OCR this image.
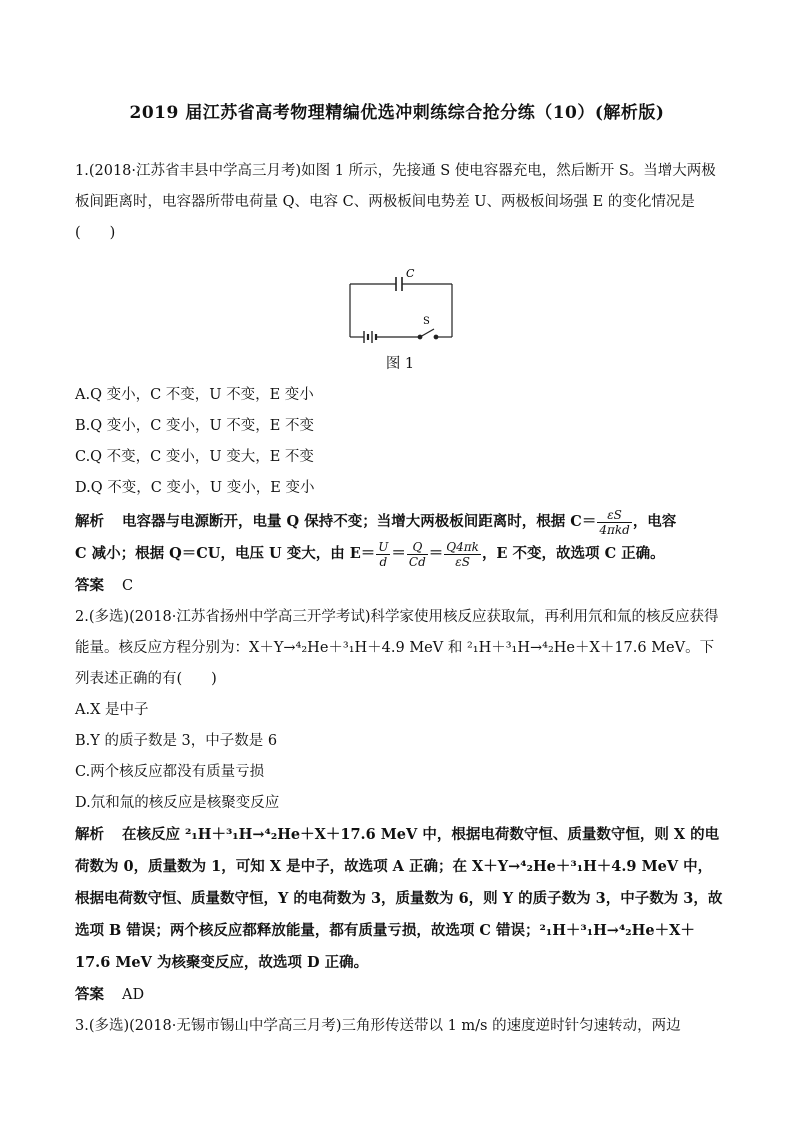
2019 届江苏省高考物理精编优选冲刺练综合抢分练（10）(解析版)

1.(2018·江苏省丰县中学高三月考)如图 1 所示，先接通 S 使电容器充电，然后断开 S。当增大两极板间距离时，电容器所带电荷量 Q、电容 C、两极板间电势差 U、两极板间场强 E 的变化情况是(　　)

C
S

图 1

A.Q 变小，C 不变，U 不变，E 变小

B.Q 变小，C 变小，U 不变，E 不变

C.Q 不变，C 变小，U 变大，E 不变

D.Q 不变，C 变小，U 变小，E 变小

解析 电容器与电源断开，电量 Q 保持不变；当增大两极板间距离时，根据 $C= \frac{\varepsilon S}{\text{4πkd}}$ ，电容
C 减小；根据 Q＝CU，电压 U 变大，由 $E= \frac{U}{d} = \frac{Q}{Cd} = \frac{Q4\pi k}{\varepsilon S}$ ，E 不变，故选项 C 正确。

答案 C

2.(多选)(2018·江苏省扬州中学高三开学考试)科学家使用核反应获取氚，再利用氘和氚的核反应获得能量。核反应方程分别为：X＋Y→⁴₂He＋³₁H＋4.9 MeV 和 ²₁H＋³₁H→⁴₂He＋X＋17.6 MeV。下列表述正确的有(　　)

A.X 是中子

B.Y 的质子数是 3，中子数是 6

C.两个核反应都没有质量亏损

D.氘和氚的核反应是核聚变反应

解析 在核反应 ²₁H＋³₁H→⁴₂He＋X＋17.6 MeV 中，根据电荷数守恒、质量数守恒，则 X 的电荷数为 0，质量数为 1，可知 X 是中子，故选项 A 正确；在 X＋Y→⁴₂He＋³₁H＋4.9 MeV 中，根据电荷数守恒、质量数守恒，Y 的电荷数为 3，质量数为 6，则 Y 的质子数为 3，中子数为 3，故选项 B 错误；两个核反应都释放能量，都有质量亏损，故选项 C 错误；²₁H＋³₁H→⁴₂He＋X＋17.6 MeV 为核聚变反应，故选项 D 正确。

答案 AD

3.(多选)(2018·无锡市锡山中学高三月考)三角形传送带以 1 m/s 的速度逆时针匀速转动，两边
